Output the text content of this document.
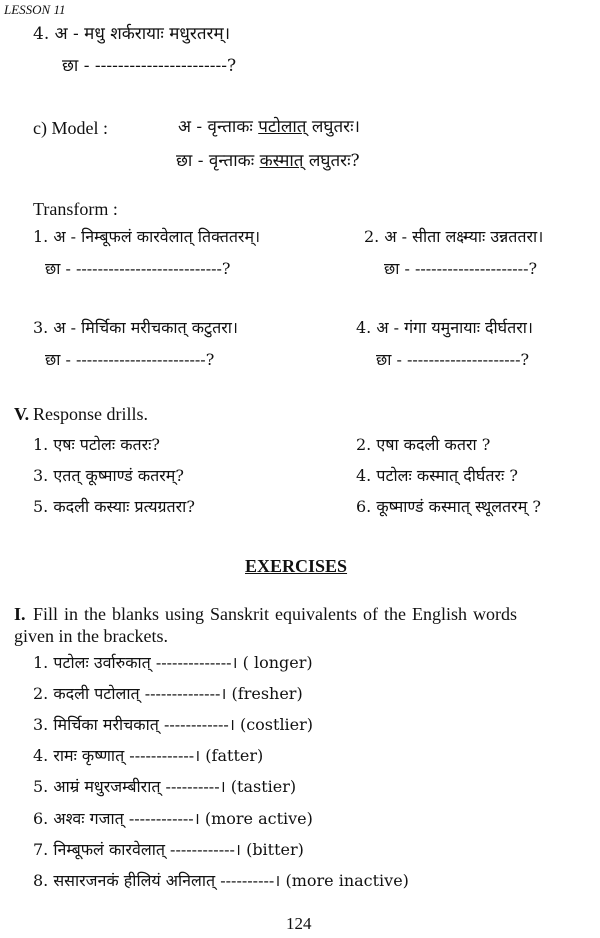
LESSON 11
4. अ - मधु शर्करायाः मधुरतरम्।
छा - -----------------------?
c) Model :	अ - वृन्ताकः पटोलात् लघुतरः।
छा - वृन्ताकः कस्मात् लघुतरः?
Transform :
1. अ - निम्बूफलं कारवेलात् तिक्ततरम्।
छा - ---------------------------?
2. अ - सीता लक्ष्म्याः उन्नततरा।
छा - ---------------------?
3. अ - मिर्चिका मरीचकात् कटुतरा।
छा - ------------------------?
4. अ - गंगा यमुनायाः दीर्घतरा।
छा - ---------------------?
V. Response drills.
1. एषः पटोलः कतरः?	2. एषा कदली कतरा ?
3. एतत् कूष्माण्डं कतरम्?	4. पटोलः कस्मात् दीर्घतरः ?
5. कदली कस्याः प्रत्यग्रतरा?	6. कूष्माण्डं कस्मात् स्थूलतरम् ?
EXERCISES
I. Fill in the blanks using Sanskrit equivalents of the English words
given in the brackets.
1. पटोलः उर्वारुकात् --------------। ( longer)
2. कदली पटोलात् --------------। (fresher)
3. मिर्चिका मरीचकात् ------------। (costlier)
4. रामः कृष्णात् ------------। (fatter)
5. आम्रं मधुरजम्बीरात् ----------। (tastier)
6. अश्वः गजात् ------------। (more active)
7. निम्बूफलं कारवेलात् ------------। (bitter)
8. ससारजनकं हीलियं अनिलात् ----------। (more inactive)
124
